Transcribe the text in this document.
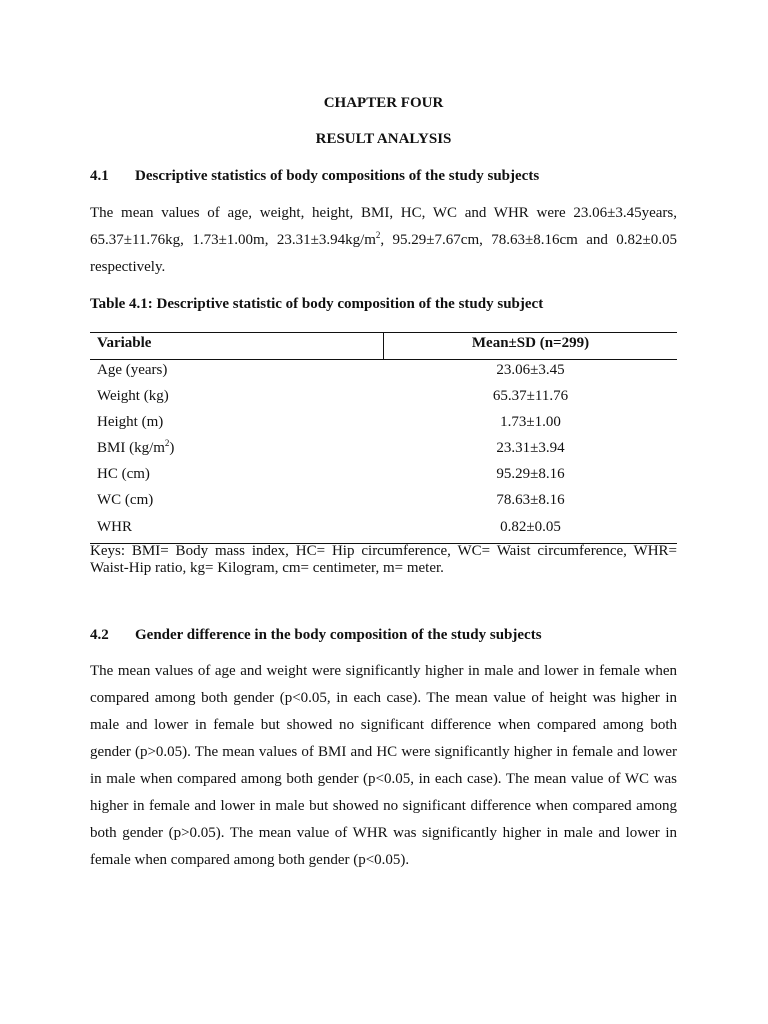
CHAPTER FOUR
RESULT ANALYSIS
4.1 Descriptive statistics of body compositions of the study subjects
The mean values of age, weight, height, BMI, HC, WC and WHR were 23.06±3.45years,
65.37±11.76kg, 1.73±1.00m, $23.31\pm 3.94kg/m^2$, 95.29±7.67cm, 78.63±8.16cm and 0.82±0.05
respectively.
Table 4.1: Descriptive statistic of body composition of the study subject
Variable	Mean±SD (n=299)
Age (years)	23.06±3.45
Weight (kg)	65.37±11.76
Height (m)	1.73±1.00
BMI $(kg/m^2)$	23.31±3.94
HC (cm)	95.29±8.16
WC (cm)	78.63±8.16
WHR	0.82±0.05
Keys: BMI= Body mass index, HC= Hip circumference, WC= Waist circumference, WHR=
Waist-Hip ratio, kg= Kilogram, cm= centimeter, m= meter.
4.2 Gender difference in the body composition of the study subjects
The mean values of age and weight were significantly higher in male and lower in female when
compared among both gender (p<0.05, in each case). The mean value of height was higher in
male and lower in female but showed no significant difference when compared among both
gender (p>0.05). The mean values of BMI and HC were significantly higher in female and lower
in male when compared among both gender (p<0.05, in each case). The mean value of WC was
higher in female and lower in male but showed no significant difference when compared among
both gender (p>0.05). The mean value of WHR was significantly higher in male and lower in
female when compared among both gender (p<0.05).
